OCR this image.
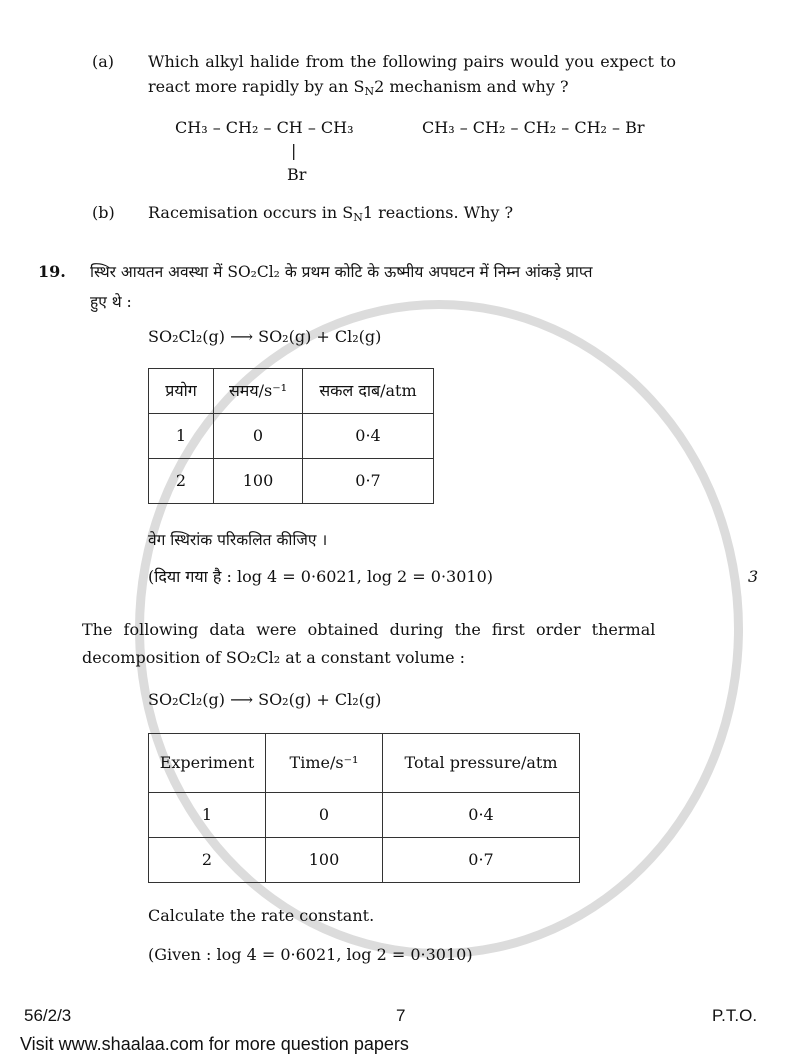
(a) Which alkyl halide from the following pairs would you expect to
react more rapidly by an $S_N2$ mechanism and why ?
CH₃ – CH₂ – CH – CH₃
|
Br
CH₃ – CH₂ – CH₂ – CH₂ – Br
(b) Racemisation occurs in $S_N1$ reactions. Why ?
19. स्थिर आयतन अवस्था में SO₂Cl₂ के प्रथम कोटि के ऊष्मीय अपघटन में निम्न आंकड़े प्राप्त
हुए थे :
SO₂Cl₂(g) ⟶ SO₂(g) + Cl₂(g)
प्रयोग	समय/s⁻¹	सकल दाब/atm
1	0	0·4
2	100	0·7
वेग स्थिरांक परिकलित कीजिए ।
(दिया गया है : log 4 = 0·6021, log 2 = 0·3010)	3
The following data were obtained during the first order thermal
decomposition of SO₂Cl₂ at a constant volume :
SO₂Cl₂(g) ⟶ SO₂(g) + Cl₂(g)
Experiment	Time/s⁻¹	Total pressure/atm
1	0	0·4
2	100	0·7
Calculate the rate constant.
(Given : log 4 = 0·6021, log 2 = 0·3010)
56/2/3	7	P.T.O.
Visit www.shaalaa.com for more question papers
